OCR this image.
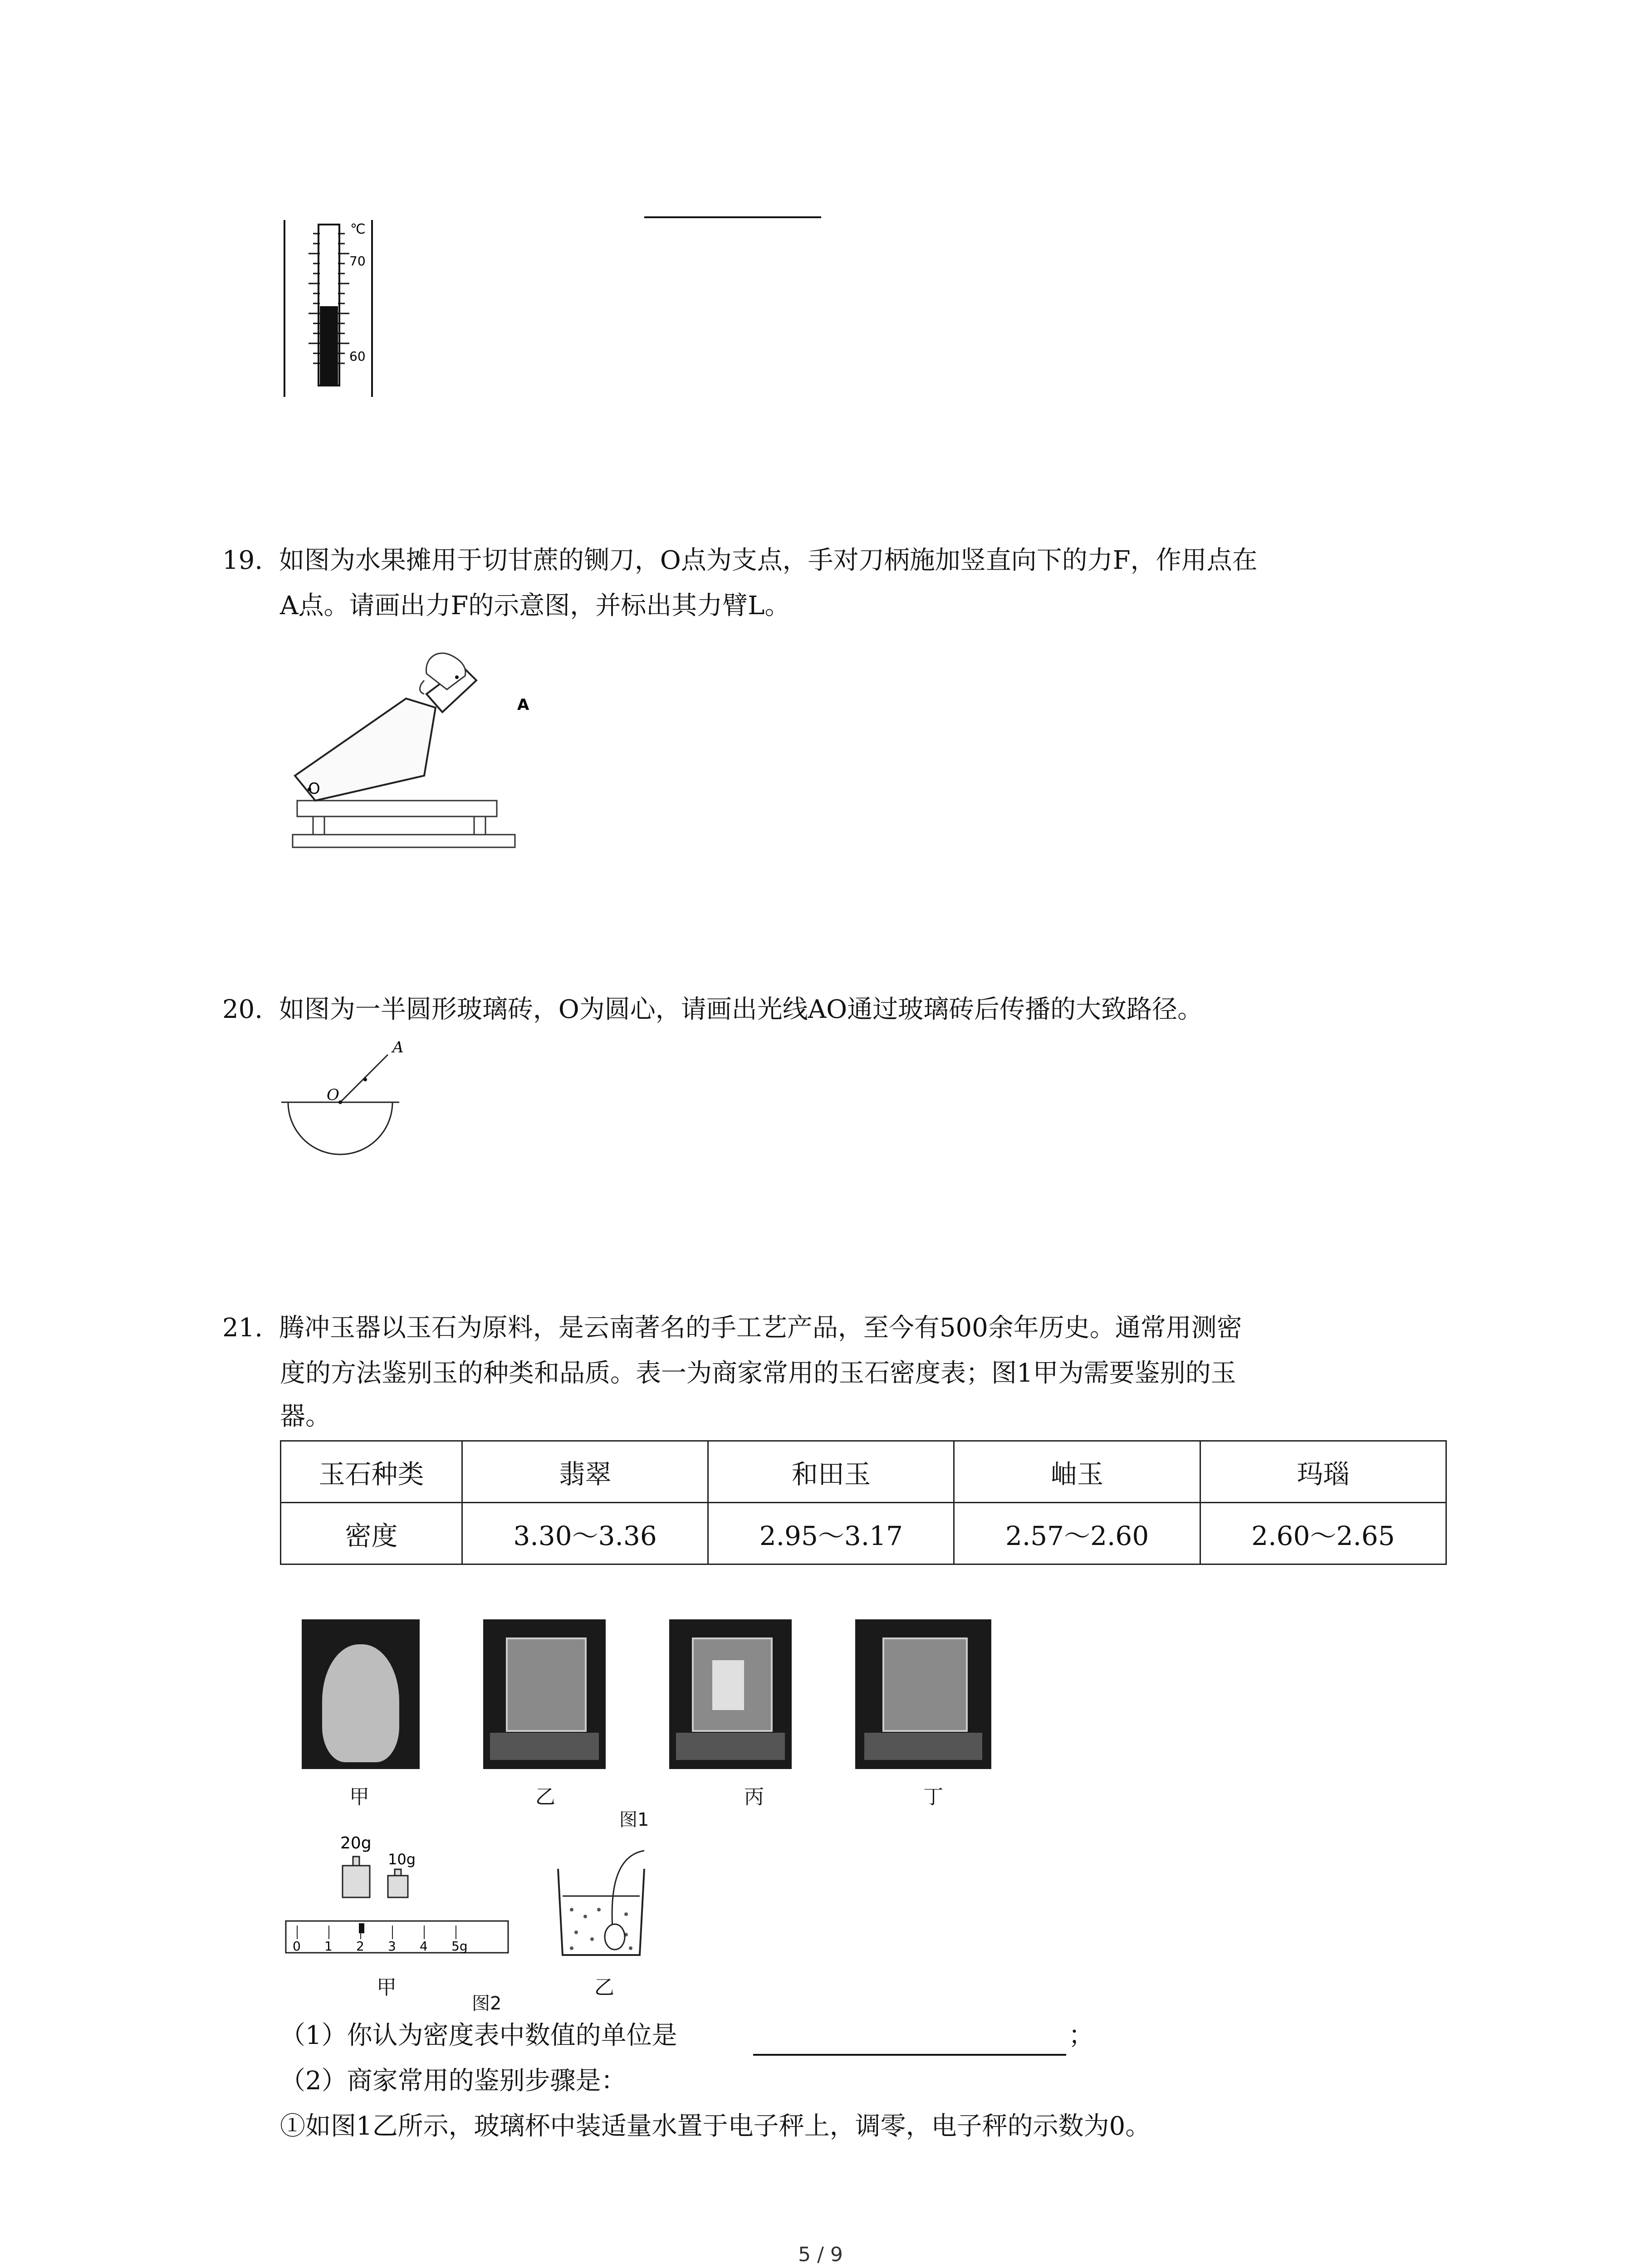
℃
70
60
19. 如图为水果摊用于切甘蔗的铡刀，O点为支点，手对刀柄施加竖直向下的力F，作用点在
A点。请画出力F的示意图，并标出其力臂L。
O
A
20. 如图为一半圆形玻璃砖，O为圆心，请画出光线AO通过玻璃砖后传播的大致路径。
A
O
21. 腾冲玉器以玉石为原料，是云南著名的手工艺产品，至今有500余年历史。通常用测密
度的方法鉴别玉的种类和品质。表一为商家常用的玉石密度表；图1甲为需要鉴别的玉
器。
玉石种类	翡翠	和田玉	岫玉	玛瑙
密度	3.30～3.36	2.95～3.17	2.57～2.60	2.60～2.65
甲	乙	丙	丁
图1
20g
10g
0 1 2 3 4 5g
甲	乙
图2
（1）你认为密度表中数值的单位是	；
（2）商家常用的鉴别步骤是：
①如图1乙所示，玻璃杯中装适量水置于电子秤上，调零，电子秤的示数为0。
5 / 9
